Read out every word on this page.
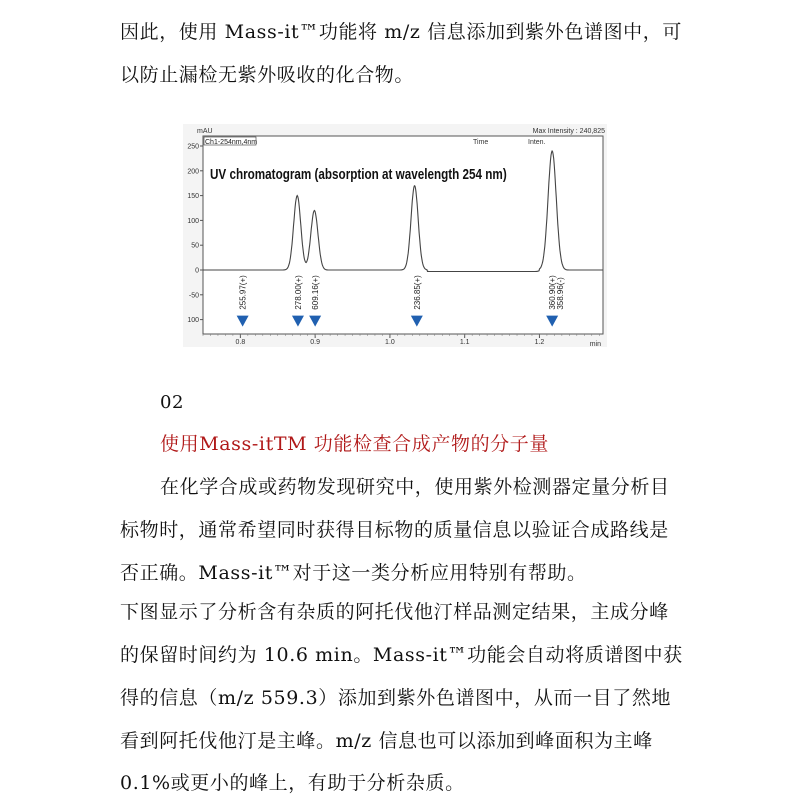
因此，使用 Mass-it™功能将 m/z 信息添加到紫外色谱图中，可
以防止漏检无紫外吸收的化合物。
mAU	Max Intensity : 240,825
Ch1-254nm,4nm	Time	Inten.
UV chromatogram (absorption at wavelength 254 nm)
250
200
150
100
50
0
-50
100
0.8	0.9	1.0	1.1	1.2	min
255.97(+)	278.00(+) 609.16(+)	236.85(+)	360.90(+) 358.96(-)
02
使用Mass-itTM 功能检查合成产物的分子量
在化学合成或药物发现研究中，使用紫外检测器定量分析目
标物时，通常希望同时获得目标物的质量信息以验证合成路线是
否正确。Mass-it™对于这一类分析应用特别有帮助。
下图显示了分析含有杂质的阿托伐他汀样品测定结果，主成分峰
的保留时间约为 10.6 min。Mass-it™功能会自动将质谱图中获
得的信息（m/z 559.3）添加到紫外色谱图中，从而一目了然地
看到阿托伐他汀是主峰。m/z 信息也可以添加到峰面积为主峰
0.1%或更小的峰上，有助于分析杂质。
